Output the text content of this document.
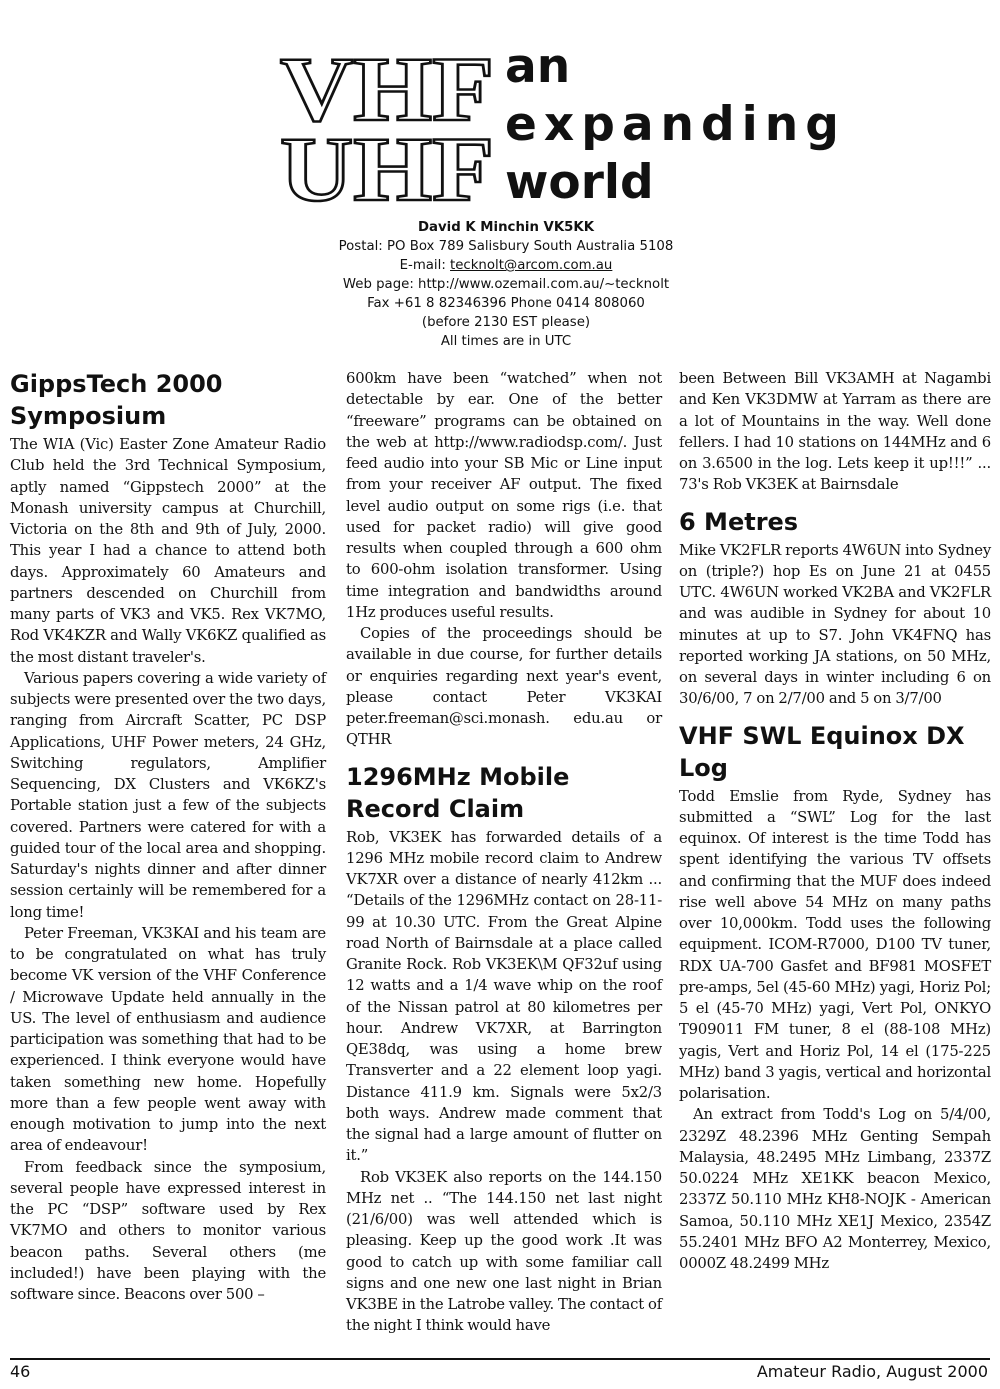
VHF
UHF
an
expanding
world
David K Minchin VK5KK
Postal: PO Box 789 Salisbury South Australia 5108
E-mail: tecknolt@arcom.com.au
Web page: http://www.ozemail.com.au/~tecknolt
Fax +61 8 82346396 Phone 0414 808060
(before 2130 EST please)
All times are in UTC
GippsTech 2000 Symposium
The WIA (Vic) Easter Zone Amateur Radio Club held the 3rd Technical Symposium, aptly named “Gippstech 2000” at the Monash university campus at Churchill, Victoria on the 8th and 9th of July, 2000. This year I had a chance to attend both days. Approximately 60 Amateurs and partners descended on Churchill from many parts of VK3 and VK5. Rex VK7MO, Rod VK4KZR and Wally VK6KZ qualified as the most distant traveler's.
Various papers covering a wide variety of subjects were presented over the two days, ranging from Aircraft Scatter, PC DSP Applications, UHF Power meters, 24 GHz, Switching regulators, Amplifier Sequencing, DX Clusters and VK6KZ's Portable station just a few of the subjects covered. Partners were catered for with a guided tour of the local area and shopping. Saturday's nights dinner and after dinner session certainly will be remembered for a long time!
Peter Freeman, VK3KAI and his team are to be congratulated on what has truly become VK version of the VHF Conference / Microwave Update held annually in the US. The level of enthusiasm and audience participation was something that had to be experienced. I think everyone would have taken something new home. Hopefully more than a few people went away with enough motivation to jump into the next area of endeavour!
From feedback since the symposium, several people have expressed interest in the PC “DSP” software used by Rex VK7MO and others to monitor various beacon paths. Several others (me included!) have been playing with the software since. Beacons over 500 –
600km have been “watched” when not detectable by ear. One of the better “freeware” programs can be obtained on the web at http://www.radiodsp.com/. Just feed audio into your SB Mic or Line input from your receiver AF output. The fixed level audio output on some rigs (i.e. that used for packet radio) will give good results when coupled through a 600 ohm to 600-ohm isolation transformer. Using time integration and bandwidths around 1Hz produces useful results.
Copies of the proceedings should be available in due course, for further details or enquiries regarding next year's event, please contact Peter VK3KAI peter.freeman@sci.monash. edu.au or QTHR
1296MHz Mobile Record Claim
Rob, VK3EK has forwarded details of a 1296 MHz mobile record claim to Andrew VK7XR over a distance of nearly 412km ... “Details of the 1296MHz contact on 28-11-99 at 10.30 UTC. From the Great Alpine road North of Bairnsdale at a place called Granite Rock. Rob VK3EK\M QF32uf using 12 watts and a 1/4 wave whip on the roof of the Nissan patrol at 80 kilometres per hour. Andrew VK7XR, at Barrington QE38dq, was using a home brew Transverter and a 22 element loop yagi. Distance 411.9 km. Signals were 5x2/3 both ways. Andrew made comment that the signal had a large amount of flutter on it.”
Rob VK3EK also reports on the 144.150 MHz net .. “The 144.150 net last night (21/6/00) was well attended which is pleasing. Keep up the good work .It was good to catch up with some familiar call signs and one new one last night in Brian VK3BE in the Latrobe valley. The contact of the night I think would have
been Between Bill VK3AMH at Nagambi and Ken VK3DMW at Yarram as there are a lot of Mountains in the way. Well done fellers. I had 10 stations on 144MHz and 6 on 3.6500 in the log. Lets keep it up!!!” ... 73's Rob VK3EK at Bairnsdale
6 Metres
Mike VK2FLR reports 4W6UN into Sydney on (triple?) hop Es on June 21 at 0455 UTC. 4W6UN worked VK2BA and VK2FLR and was audible in Sydney for about 10 minutes at up to S7. John VK4FNQ has reported working JA stations, on 50 MHz, on several days in winter including 6 on 30/6/00, 7 on 2/7/00 and 5 on 3/7/00
VHF SWL Equinox DX Log
Todd Emslie from Ryde, Sydney has submitted a “SWL” Log for the last equinox. Of interest is the time Todd has spent identifying the various TV offsets and confirming that the MUF does indeed rise well above 54 MHz on many paths over 10,000km. Todd uses the following equipment. ICOM-R7000, D100 TV tuner, RDX UA-700 Gasfet and BF981 MOSFET pre-amps, 5el (45-60 MHz) yagi, Horiz Pol; 5 el (45-70 MHz) yagi, Vert Pol, ONKYO T909011 FM tuner, 8 el (88-108 MHz) yagis, Vert and Horiz Pol, 14 el (175-225 MHz) band 3 yagis, vertical and horizontal polarisation.
An extract from Todd's Log on 5/4/00, 2329Z 48.2396 MHz Genting Sempah Malaysia, 48.2495 MHz Limbang, 2337Z 50.0224 MHz XE1KK beacon Mexico, 2337Z 50.110 MHz KH8-NOJK - American Samoa, 50.110 MHz XE1J Mexico, 2354Z 55.2401 MHz BFO A2 Monterrey, Mexico, 0000Z 48.2499 MHz
46	Amateur Radio, August 2000
